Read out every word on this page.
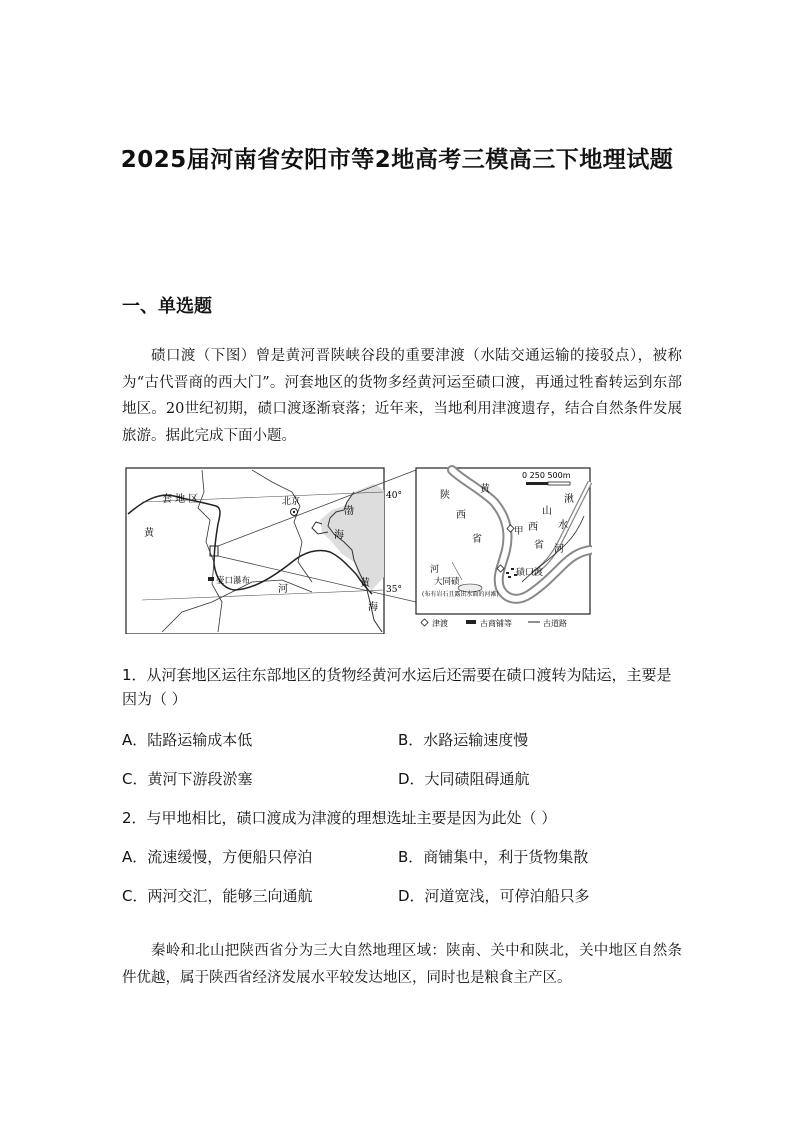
2025届河南省安阳市等2地高考三模高三下地理试题
一、单选题
碛口渡（下图）曾是黄河晋陕峡谷段的重要津渡（水陆交通运输的接驳点），被称为“古代晋商的西大门”。河套地区的货物多经黄河运至碛口渡，再通过牲畜转运到东部地区。20世纪初期，碛口渡逐渐衰落；近年来，当地利用津渡遗存，结合自然条件发展旅游。据此完成下面小题。
套 地 区
黄
河
北京
渤
海
黄
海
壶口瀑布
40°
35°
0 250 500m
陕
西
省
山
西
省
湫
水
河
黄
甲
碛口渡
河
大同碛
(布有岩石且露出水面的河滩)
津渡	古商铺等	古道路
1．从河套地区运往东部地区的货物经黄河水运后还需要在碛口渡转为陆运，主要是因为（ ）
A．陆路运输成本低	B．水路运输速度慢
C．黄河下游段淤塞	D．大同碛阻碍通航
2．与甲地相比，碛口渡成为津渡的理想选址主要是因为此处（ ）
A．流速缓慢，方便船只停泊	B．商铺集中，利于货物集散
C．两河交汇，能够三向通航	D．河道宽浅，可停泊船只多
秦岭和北山把陕西省分为三大自然地理区域：陕南、关中和陕北，关中地区自然条件优越，属于陕西省经济发展水平较发达地区，同时也是粮食主产区。
